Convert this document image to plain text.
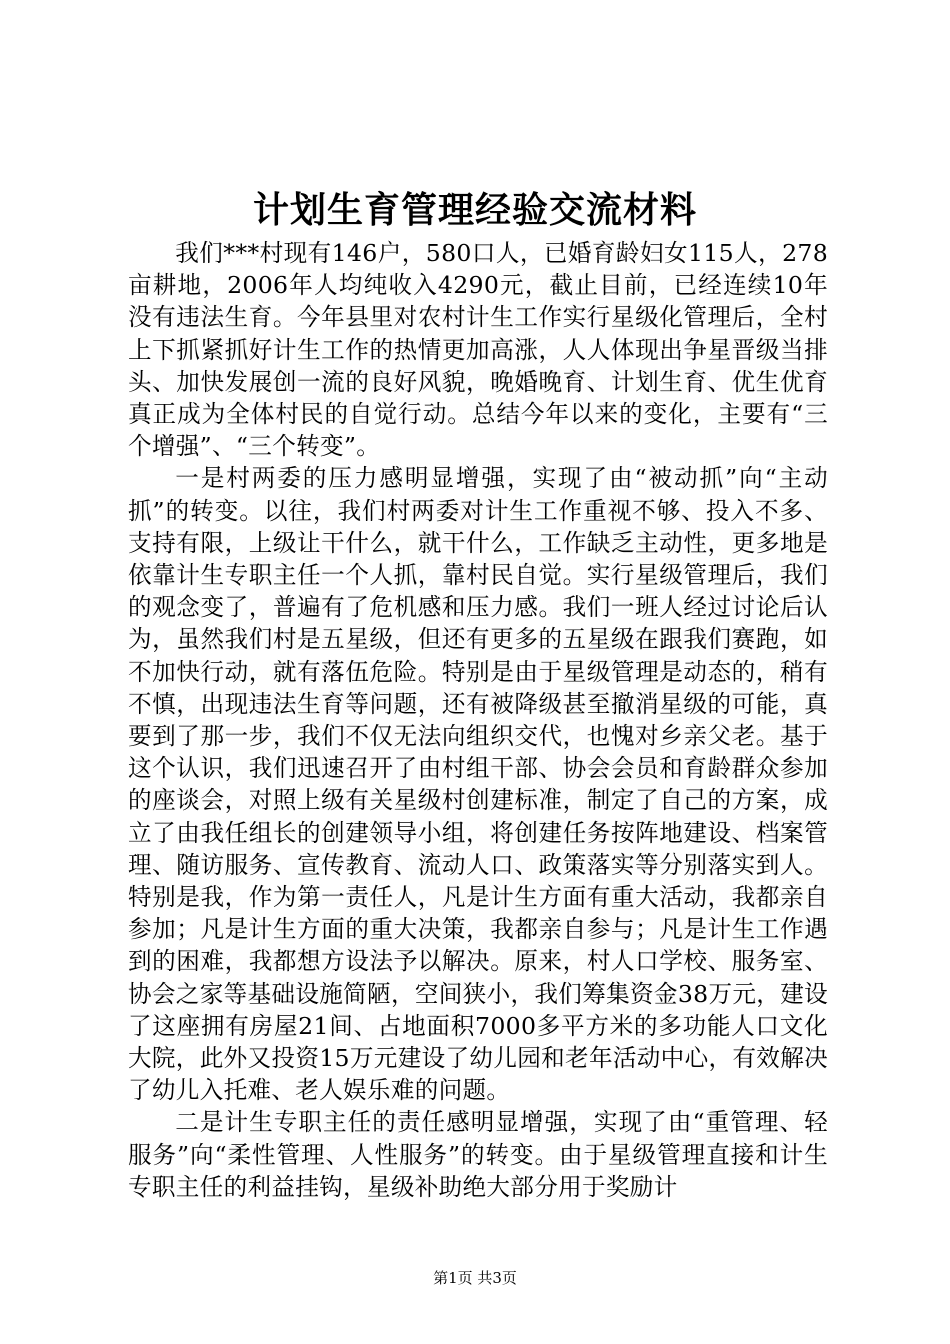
计划生育管理经验交流材料

我们***村现有146户，580口人，已婚育龄妇女115人，278亩耕地，2006年人均纯收入4290元，截止目前，已经连续10年没有违法生育。今年县里对农村计生工作实行星级化管理后，全村上下抓紧抓好计生工作的热情更加高涨，人人体现出争星晋级当排头、加快发展创一流的良好风貌，晚婚晚育、计划生育、优生优育真正成为全体村民的自觉行动。总结今年以来的变化，主要有“三个增强”、“三个转变”。

一是村两委的压力感明显增强，实现了由“被动抓”向“主动抓”的转变。以往，我们村两委对计生工作重视不够、投入不多、支持有限，上级让干什么，就干什么，工作缺乏主动性，更多地是依靠计生专职主任一个人抓，靠村民自觉。实行星级管理后，我们的观念变了，普遍有了危机感和压力感。我们一班人经过讨论后认为，虽然我们村是五星级，但还有更多的五星级在跟我们赛跑，如不加快行动，就有落伍危险。特别是由于星级管理是动态的，稍有不慎，出现违法生育等问题，还有被降级甚至撤消星级的可能，真要到了那一步，我们不仅无法向组织交代，也愧对乡亲父老。基于这个认识，我们迅速召开了由村组干部、协会会员和育龄群众参加的座谈会，对照上级有关星级村创建标准，制定了自己的方案，成立了由我任组长的创建领导小组，将创建任务按阵地建设、档案管理、随访服务、宣传教育、流动人口、政策落实等分别落实到人。特别是我，作为第一责任人，凡是计生方面有重大活动，我都亲自参加；凡是计生方面的重大决策，我都亲自参与；凡是计生工作遇到的困难，我都想方设法予以解决。原来，村人口学校、服务室、协会之家等基础设施简陋，空间狭小，我们筹集资金38万元，建设了这座拥有房屋21间、占地面积7000多平方米的多功能人口文化大院，此外又投资15万元建设了幼儿园和老年活动中心，有效解决了幼儿入托难、老人娱乐难的问题。

二是计生专职主任的责任感明显增强，实现了由“重管理、轻服务”向“柔性管理、人性服务”的转变。由于星级管理直接和计生专职主任的利益挂钩，星级补助绝大部分用于奖励计

第1页 共3页
